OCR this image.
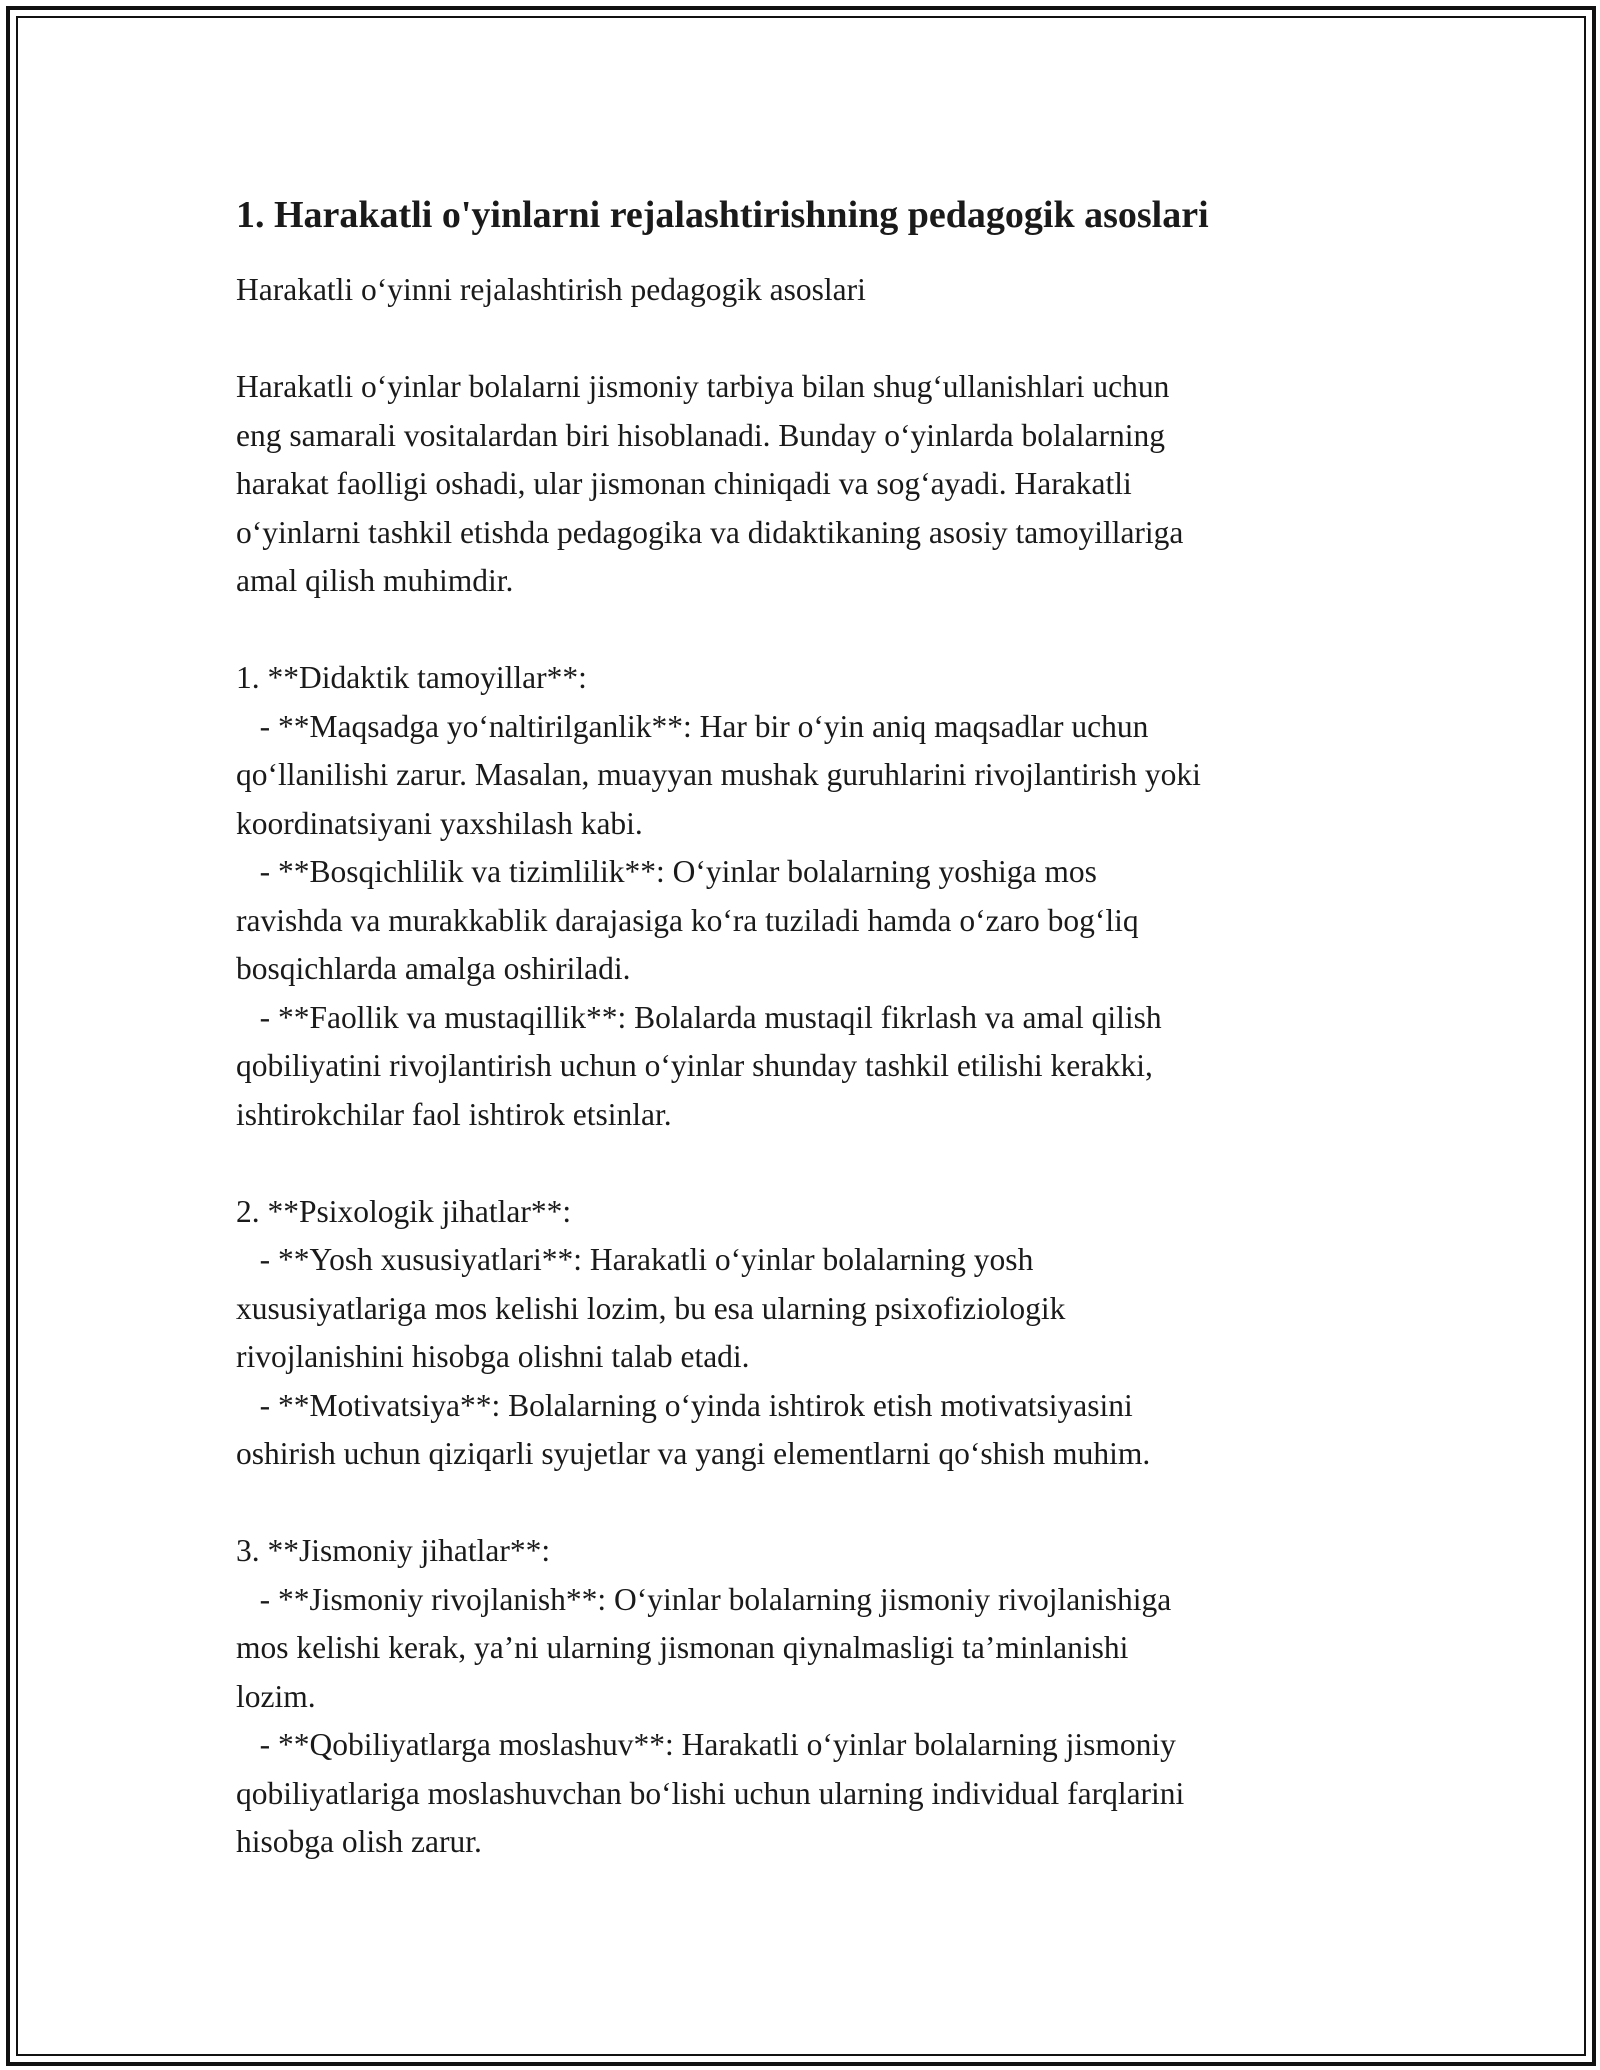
1. Harakatli o'yinlarni rejalashtirishning pedagogik asoslari

Harakatli o‘yinni rejalashtirish pedagogik asoslari

Harakatli o‘yinlar bolalarni jismoniy tarbiya bilan shug‘ullanishlari uchun

eng samarali vositalardan biri hisoblanadi. Bunday o‘yinlarda bolalarning

harakat faolligi oshadi, ular jismonan chiniqadi va sog‘ayadi. Harakatli

o‘yinlarni tashkil etishda pedagogika va didaktikaning asosiy tamoyillariga

amal qilish muhimdir.

1. **Didaktik tamoyillar**:

- **Maqsadga yo‘naltirilganlik**: Har bir o‘yin aniq maqsadlar uchun

qo‘llanilishi zarur. Masalan, muayyan mushak guruhlarini rivojlantirish yoki

koordinatsiyani yaxshilash kabi.

- **Bosqichlilik va tizimlilik**: O‘yinlar bolalarning yoshiga mos

ravishda va murakkablik darajasiga ko‘ra tuziladi hamda o‘zaro bog‘liq

bosqichlarda amalga oshiriladi.

- **Faollik va mustaqillik**: Bolalarda mustaqil fikrlash va amal qilish

qobiliyatini rivojlantirish uchun o‘yinlar shunday tashkil etilishi kerakki,

ishtirokchilar faol ishtirok etsinlar.

2. **Psixologik jihatlar**:

- **Yosh xususiyatlari**: Harakatli o‘yinlar bolalarning yosh

xususiyatlariga mos kelishi lozim, bu esa ularning psixofiziologik

rivojlanishini hisobga olishni talab etadi.

- **Motivatsiya**: Bolalarning o‘yinda ishtirok etish motivatsiyasini

oshirish uchun qiziqarli syujetlar va yangi elementlarni qo‘shish muhim.

3. **Jismoniy jihatlar**:

- **Jismoniy rivojlanish**: O‘yinlar bolalarning jismoniy rivojlanishiga

mos kelishi kerak, ya’ni ularning jismonan qiynalmasligi ta’minlanishi

lozim.

- **Qobiliyatlarga moslashuv**: Harakatli o‘yinlar bolalarning jismoniy

qobiliyatlariga moslashuvchan bo‘lishi uchun ularning individual farqlarini

hisobga olish zarur.
